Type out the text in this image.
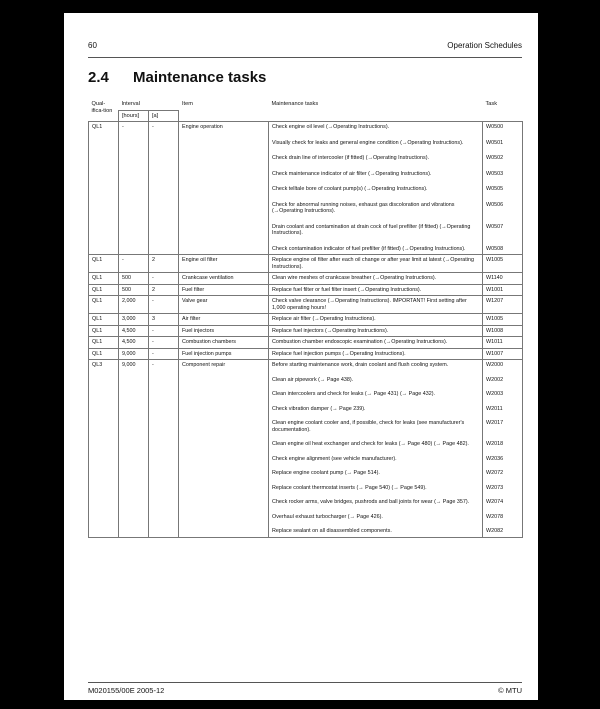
60	Operation Schedules
2.4 Maintenance tasks
Qual-ifica-tion	Interval		Item	Maintenance tasks	Task
	[hours]	[a]			
QL1	-	-	Engine operation	Check engine oil level (→Operating Instructions).	W0500
				Visually check for leaks and general engine condition (→Operating Instructions).	W0501
				Check drain line of intercooler (if fitted) (→Operating Instructions).	W0502
				Check maintenance indicator of air filter (→Operating Instructions).	W0503
				Check telltale bore of coolant pump(s) (→Operating Instructions).	W0505
				Check for abnormal running noises, exhaust gas discoloration and vibrations (→Operating Instructions).	W0506
				Drain coolant and contamination at drain cock of fuel prefilter (if fitted) (→Operating Instructions).	W0507
				Check contamination indicator of fuel prefilter (if fitted) (→Operating Instructions).	W0508
QL1	-	2	Engine oil filter	Replace engine oil filter after each oil change or after year limit at latest (→Operating Instructions).	W1005
QL1	500	-	Crankcase ventilation	Clean wire meshes of crankcase breather (→Operating Instructions).	W1140
QL1	500	2	Fuel filter	Replace fuel filter or fuel filter insert (→Operating Instructions).	W1001
QL1	2,000	-	Valve gear	Check valve clearance (→Operating Instructions). IMPORTANT! First setting after 1,000 operating hours!	W1207
QL1	3,000	3	Air filter	Replace air filter (→Operating Instructions).	W1005
QL1	4,500	-	Fuel injectors	Replace fuel injectors (→Operating Instructions).	W1008
QL1	4,500	-	Combustion chambers	Combustion chamber endoscopic examination (→Operating Instructions).	W1011
QL1	9,000	-	Fuel injection pumps	Replace fuel injection pumps (→Operating Instructions).	W1007
QL3	9,000	-	Component repair	Before starting maintenance work, drain coolant and flush cooling system.	W2000
				Clean air pipework (→ Page 438).	W2002
				Clean intercoolers and check for leaks (→ Page 431) (→ Page 432).	W2003
				Check vibration damper (→ Page 239).	W2011
				Clean engine coolant cooler and, if possible, check for leaks (see manufacturer's documentation).	W2017
				Clean engine oil heat exchanger and check for leaks (→ Page 480) (→ Page 482).	W2018
				Check engine alignment (see vehicle manufacturer).	W2036
				Replace engine coolant pump (→ Page 514).	W2072
				Replace coolant thermostat inserts (→ Page 540) (→ Page 549).	W2073
				Check rocker arms, valve bridges, pushrods and ball joints for wear (→ Page 357).	W2074
				Overhaul exhaust turbocharger (→ Page 426).	W2078
				Replace sealant on all disassembled components.	W2082
M020155/00E 2005-12	© MTU
